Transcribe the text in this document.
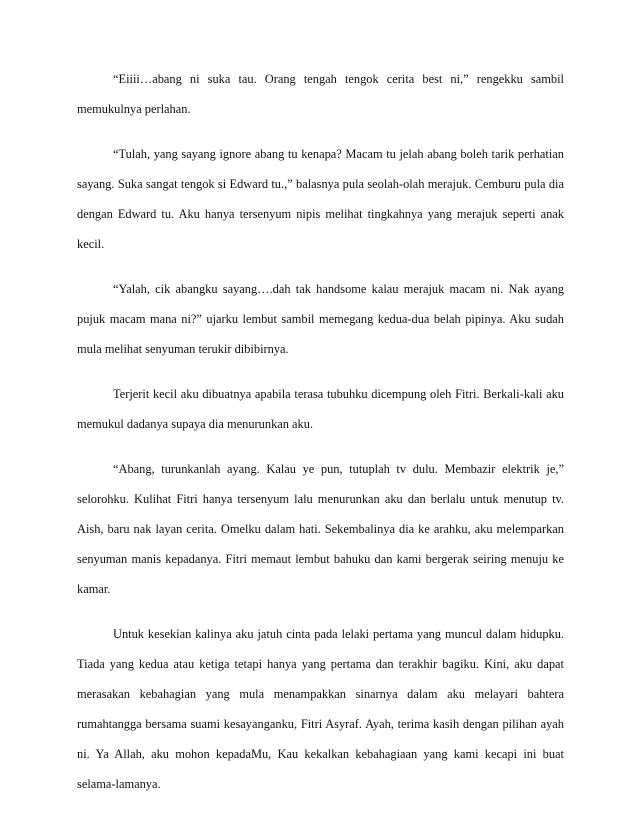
“Eiiii…abang ni suka tau. Orang tengah tengok cerita best ni,” rengekku sambil memukulnya perlahan.

“Tulah, yang sayang ignore abang tu kenapa? Macam tu jelah abang boleh tarik perhatian sayang. Suka sangat tengok si Edward tu.,” balasnya pula seolah-olah merajuk. Cemburu pula dia dengan Edward tu. Aku hanya tersenyum nipis melihat tingkahnya yang merajuk seperti anak kecil.

“Yalah, cik abangku sayang….dah tak handsome kalau merajuk macam ni. Nak ayang pujuk macam mana ni?” ujarku lembut sambil memegang kedua-dua belah pipinya. Aku sudah mula melihat senyuman terukir dibibirnya.

Terjerit kecil aku dibuatnya apabila terasa tubuhku dicempung oleh Fitri. Berkali-kali aku memukul dadanya supaya dia menurunkan aku.

“Abang, turunkanlah ayang. Kalau ye pun, tutuplah tv dulu. Membazir elektrik je,” selorohku. Kulihat Fitri hanya tersenyum lalu menurunkan aku dan berlalu untuk menutup tv. Aish, baru nak layan cerita. Omelku dalam hati. Sekembalinya dia ke arahku, aku melemparkan senyuman manis kepadanya. Fitri memaut lembut bahuku dan kami bergerak seiring menuju ke kamar.

Untuk kesekian kalinya aku jatuh cinta pada lelaki pertama yang muncul dalam hidupku. Tiada yang kedua atau ketiga tetapi hanya yang pertama dan terakhir bagiku. Kini, aku dapat merasakan kebahagian yang mula menampakkan sinarnya dalam aku melayari bahtera rumahtangga bersama suami kesayanganku, Fitri Asyraf. Ayah, terima kasih dengan pilihan ayah ni. Ya Allah, aku mohon kepadaMu, Kau kekalkan kebahagiaan yang kami kecapi ini buat selama-lamanya.
